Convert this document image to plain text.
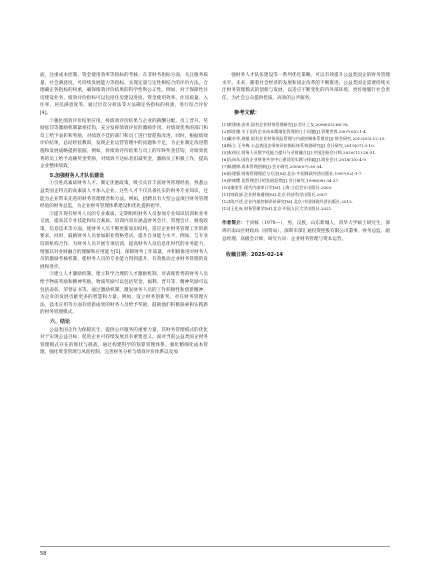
面，注重成本控制，资金使用效率等指标的考核；在非财务指标方面，关注服务质量、社会满意度、可持续发展能力等指标。实现定量与定性相结合的评价方法，合理确定各指标的权重，确保绩效评价结果的科学性和公正性。例如，对于保障性住房建设业务，绩效评价指标可以包括住房建设进度、资金使用效率、住房质量、入住率、居民满意度等，通过层次分析法等方法确定各指标的权重，进行综合评价[4]。

②强化绩效评价结果应用。将绩效评价结果与企业的薪酬分配、员工晋升、奖励惩罚等激励机制紧密挂钩，充分发挥绩效评价的激励作用。对绩效优秀的部门和员工给予表彰和奖励，对绩效不佳的部门和员工进行督促和改进。同时，根据绩效评价结果，总结经验教训，发现企业运营管理中的问题和不足，为企业制定改进措施和发展战略提供依据。例如，将绩效评价结果与员工的年终奖金挂钩，对绩效优秀的员工给予高额奖金奖励，对绩效不达标者扣减奖金，激励员工积极工作，提高企业整体绩效。

5.加强财务人才队伍建设

①引进高素质财务人才。制定优惠政策，吸引具有丰富财务管理经验、熟悉公益类国企特点的高素质人才加入企业。这些人才不仅具备扎实的财务专业知识，还能为企业带来先进的财务管理理念和方法。例如，招聘具有大型公益项目财务管理经验的财务总监，为企业财务管理体系建设和优化提供指导。

②提升现有财务人员的专业素质。定期组织财务人员参加专业知识培训和业务交流，提高其专业技能和综合素质。培训内容应涵盖财务会计、管理会计、税收政策、信息技术等方面，使财务人员不断更新知识结构，适应企业财务管理工作的新要求。同时，鼓励财务人员参加职业资格考试，提升自身能力水平。例如，与专业培训机构合作，为财务人员开展专项培训，提高财务人员信息化时代的业务能力，增强其对业财融合的理解和应用能力[5]，保障财务工作质量，并积极推进对财务人员的激励考核机制，使财务人员的专业能力得到提升，有效推动企业财务管理的发展和进步。

③建立人才激励机制。建立科学合理的人才激励机制，对表现优秀的财务人员给予物质奖励和精神奖励。物质奖励可以包括奖金、福利、晋升等，精神奖励可以包括表彰、荣誉证书等。通过激励机制，激发财务人员的工作积极性和创新精神，为企业的发展贡献更多的智慧和力量。例如，设立财务创新奖，对在财务管理方法、技术应用等方面有创新成果的财务人员给予奖励，鼓励他们积极探索和实践新的财务管理模式。

六、结论

公益类国企作为保障民生、提供公共服务的重要力量，其财务管理模式的优化对于实现公益目标、促进企业可持续发展具有重要意义。面对当前公益类国企财务管理模式存在的现状与挑战，通过构建科学的预算管理体系、强化精细化成本管理、强化资金管理与风险控制、完善财务分析与绩效评价体系以及加

强财务人才队伍建设等一系列优化策略，可以有效提升公益类国企的财务管理水平。未来，随着社会经济的发展和国企改革的不断推进，公益类国企需要持续关注财务管理模式的创新与发展，以适应不断变化的内外部环境，更好地履行社会责任，为社会公众提供优质、高效的公共服务。

参考文献：

[1]黄建康,安奇.国有企业财务管理研究[J].会计之友,2006(02):68-76.

[2]郭晋娥.关于国有企业成本精细化管理的几个问题[J].管理世界,2007(05):1-4.

[3]戴卓华,周敏.国有企业财务风险管理与内部控制体系建设[J].财会研究,2012(03):12-15.

[4]杨立,王冬梅.公益类国企绩效评价指标体系构建研究[J].会计研究,2019(07):3-10.

[5]张伟民.财务人员数字化能力提升与业财融合[J].中国注册会计师,2020(11):26-31.

[6]冯向东.国有企业财务共享中心建设的实践与探索[J].商业会计,2018(10):4-9.

[7]陈德锦.成本管理创新[J].会计研究,2000(07):30-34.

[8]孙建强.财务管理理论与方法[M].北京:中国财政经济出版社,1997(02):1-7.

[9]余绪缨.论管理会计的发展趋势[J].会计研究,1998(08):34-37.

[10]秦荣生.现代内部审计学[M].上海:立信会计出版社,2003.

[11]财政部.企业财务通则[M].北京:经济科学出版社,2007.

[12]陈兴述.企业内部控制评价研究[M].北京:中国财政经济出版社,2015.

[13]王化成.财务管理学[M].北京:中国人民大学出版社,2021.

作者简介：于尚栋（1978—），男，汉族，山东新城人，清华大学硕士研究生，深圳市南山区财政局（国资局），深圳市深汇通投资控股有限公司董事、财务总监、副总经理、高级会计师，研究方向：企业财务管理与资本运营。
收稿日期：2025-02-14
58
